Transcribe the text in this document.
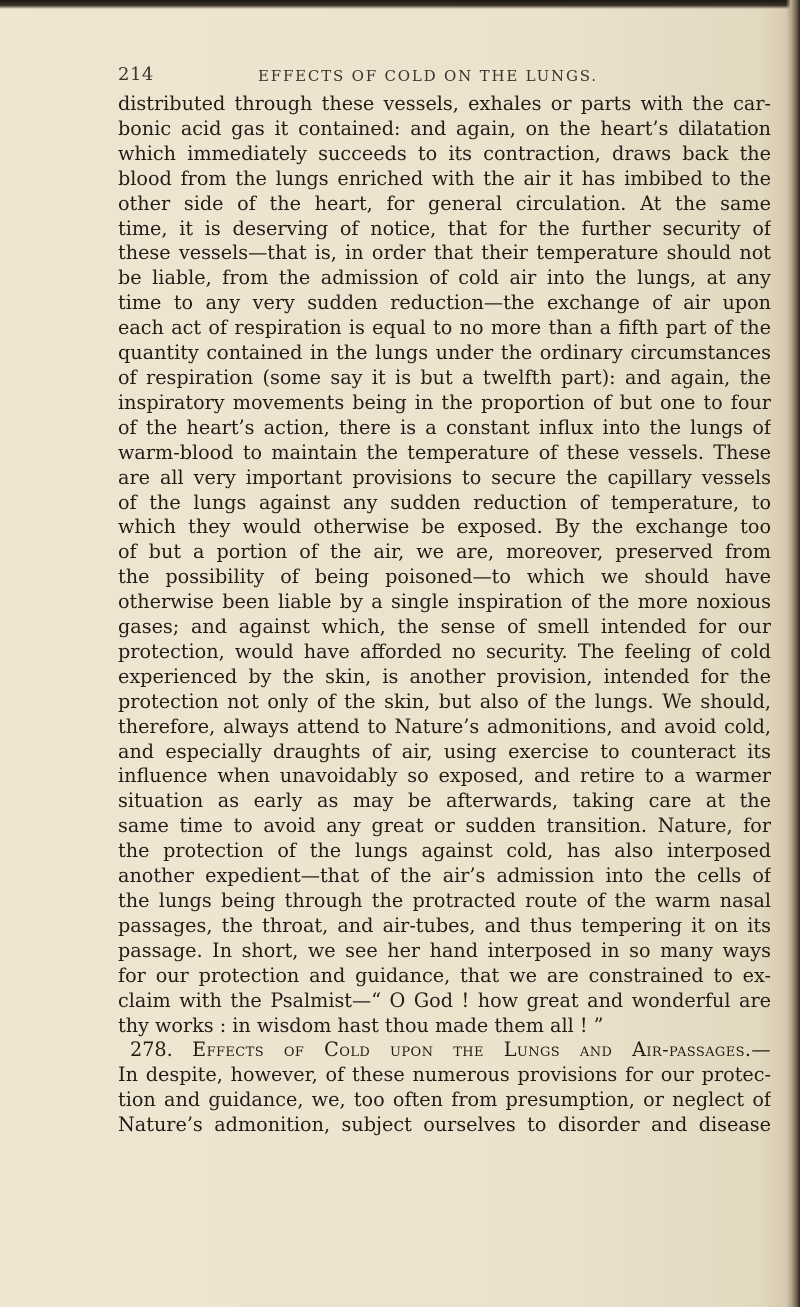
214	EFFECTS OF COLD ON THE LUNGS.
distributed through these vessels, exhales or parts with the car-
bonic acid gas it contained: and again, on the heart’s dilatation
which immediately succeeds to its contraction, draws back the
blood from the lungs enriched with the air it has imbibed to the
other side of the heart, for general circulation. At the same
time, it is deserving of notice, that for the further security of
these vessels—that is, in order that their temperature should not
be liable, from the admission of cold air into the lungs, at any
time to any very sudden reduction—the exchange of air upon
each act of respiration is equal to no more than a fifth part of the
quantity contained in the lungs under the ordinary circumstances
of respiration (some say it is but a twelfth part): and again, the
inspiratory movements being in the proportion of but one to four
of the heart’s action, there is a constant influx into the lungs of
warm-blood to maintain the temperature of these vessels. These
are all very important provisions to secure the capillary vessels
of the lungs against any sudden reduction of temperature, to
which they would otherwise be exposed. By the exchange too
of but a portion of the air, we are, moreover, preserved from
the possibility of being poisoned—to which we should have
otherwise been liable by a single inspiration of the more noxious
gases; and against which, the sense of smell intended for our
protection, would have afforded no security. The feeling of cold
experienced by the skin, is another provision, intended for the
protection not only of the skin, but also of the lungs. We should,
therefore, always attend to Nature’s admonitions, and avoid cold,
and especially draughts of air, using exercise to counteract its
influence when unavoidably so exposed, and retire to a warmer
situation as early as may be afterwards, taking care at the
same time to avoid any great or sudden transition. Nature, for
the protection of the lungs against cold, has also interposed
another expedient—that of the air’s admission into the cells of
the lungs being through the protracted route of the warm nasal
passages, the throat, and air-tubes, and thus tempering it on its
passage. In short, we see her hand interposed in so many ways
for our protection and guidance, that we are constrained to ex-
claim with the Psalmist—“ O God ! how great and wonderful are
thy works : in wisdom hast thou made them all ! ”
278. Effects of Cold upon the Lungs and Air-passages.—
In despite, however, of these numerous provisions for our protec-
tion and guidance, we, too often from presumption, or neglect of
Nature’s admonition, subject ourselves to disorder and disease
